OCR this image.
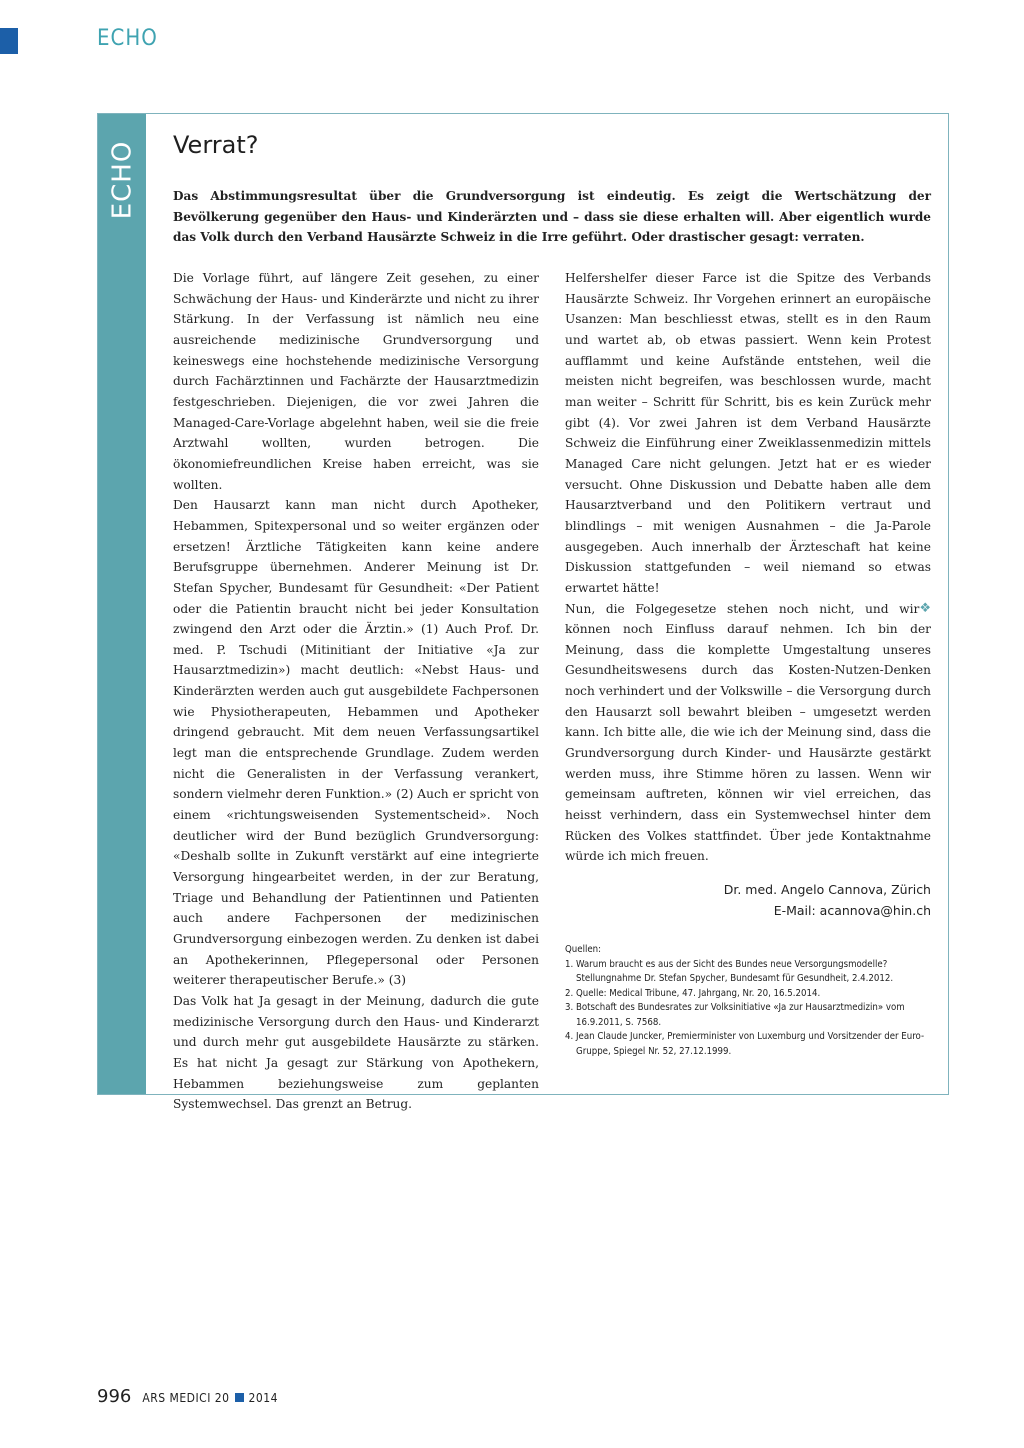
ECHO
ECHO Verrat?

Das Abstimmungsresultat über die Grundversorgung ist eindeutig. Es zeigt die Wertschätzung der Bevölkerung gegenüber den Haus- und Kinderärzten und – dass sie diese erhalten will. Aber eigentlich wurde das Volk durch den Verband Hausärzte Schweiz in die Irre geführt. Oder drastischer gesagt: verraten.

Die Vorlage führt, auf längere Zeit gesehen, zu einer Schwächung der Haus- und Kinderärzte und nicht zu ihrer Stärkung. In der Verfassung ist nämlich neu eine ausreichende medizinische Grundversorgung und keineswegs eine hochstehende medizinische Versorgung durch Fachärztinnen und Fachärzte der Hausarztmedizin festgeschrieben. Diejenigen, die vor zwei Jahren die Managed-Care-Vorlage abgelehnt haben, weil sie die freie Arztwahl wollten, wurden betrogen. Die ökonomiefreundlichen Kreise haben erreicht, was sie wollten.

Den Hausarzt kann man nicht durch Apotheker, Hebammen, Spitexpersonal und so weiter ergänzen oder ersetzen! Ärztliche Tätigkeiten kann keine andere Berufsgruppe übernehmen. Anderer Meinung ist Dr. Stefan Spycher, Bundesamt für Gesundheit: «Der Patient oder die Patientin braucht nicht bei jeder Konsultation zwingend den Arzt oder die Ärztin.» (1) Auch Prof. Dr. med. P. Tschudi (Mitinitiant der Initiative «Ja zur Hausarztmedizin») macht deutlich: «Nebst Haus- und Kinderärzten werden auch gut ausgebildete Fachpersonen wie Physiotherapeuten, Hebammen und Apotheker dringend gebraucht. Mit dem neuen Verfassungsartikel legt man die entsprechende Grundlage. Zudem werden nicht die Generalisten in der Verfassung verankert, sondern vielmehr deren Funktion.» (2) Auch er spricht von einem «richtungsweisenden Systementscheid». Noch deutlicher wird der Bund bezüglich Grundversorgung: «Deshalb sollte in Zukunft verstärkt auf eine integrierte Versorgung hingearbeitet werden, in der zur Beratung, Triage und Behandlung der Patientinnen und Patienten auch andere Fachpersonen der medizinischen Grundversorgung einbezogen werden. Zu denken ist dabei an Apothekerinnen, Pflegepersonal oder Personen weiterer therapeutischer Berufe.» (3)

Das Volk hat Ja gesagt in der Meinung, dadurch die gute medizinische Versorgung durch den Haus- und Kinderarzt und durch mehr gut ausgebildete Hausärzte zu stärken. Es hat nicht Ja gesagt zur Stärkung von Apothekern, Hebammen beziehungsweise zum geplanten Systemwechsel. Das grenzt an Betrug.

Helfershelfer dieser Farce ist die Spitze des Verbands Hausärzte Schweiz. Ihr Vorgehen erinnert an europäische Usanzen: Man beschliesst etwas, stellt es in den Raum und wartet ab, ob etwas passiert. Wenn kein Protest aufflammt und keine Aufstände entstehen, weil die meisten nicht begreifen, was beschlossen wurde, macht man weiter – Schritt für Schritt, bis es kein Zurück mehr gibt (4). Vor zwei Jahren ist dem Verband Hausärzte Schweiz die Einführung einer Zweiklassenmedizin mittels Managed Care nicht gelungen. Jetzt hat er es wieder versucht. Ohne Diskussion und Debatte haben alle dem Hausarztverband und den Politikern vertraut und blindlings – mit wenigen Ausnahmen – die Ja-Parole ausgegeben. Auch innerhalb der Ärzteschaft hat keine Diskussion stattgefunden – weil niemand so etwas erwartet hätte!

❖
Nun, die Folgegesetze stehen noch nicht, und wir können noch Einfluss darauf nehmen. Ich bin der Meinung, dass die komplette Umgestaltung unseres Gesundheitswesens durch das Kosten-Nutzen-Denken noch verhindert und der Volkswille – die Versorgung durch den Hausarzt soll bewahrt bleiben – umgesetzt werden kann. Ich bitte alle, die wie ich der Meinung sind, dass die Grundversorgung durch Kinder- und Hausärzte gestärkt werden muss, ihre Stimme hören zu lassen. Wenn wir gemeinsam auftreten, können wir viel erreichen, das heisst verhindern, dass ein Systemwechsel hinter dem Rücken des Volkes stattfindet. Über jede Kontaktnahme würde ich mich freuen.

Dr. med. Angelo Cannova, Zürich
E-Mail: acannova@hin.ch

Quellen:

1. Warum braucht es aus der Sicht des Bundes neue Versorgungsmodelle? Stellungnahme Dr. Stefan Spycher, Bundesamt für Gesundheit, 2.4.2012.
2. Quelle: Medical Tribune, 47. Jahrgang, Nr. 20, 16.5.2014.
3. Botschaft des Bundesrates zur Volksinitiative «Ja zur Hausarztmedizin» vom 16.9.2011, S. 7568.
4. Jean Claude Juncker, Premierminister von Luxemburg und Vorsitzender der Euro-Gruppe, Spiegel Nr. 52, 27.12.1999.
996 ARS MEDICI 20 2014
